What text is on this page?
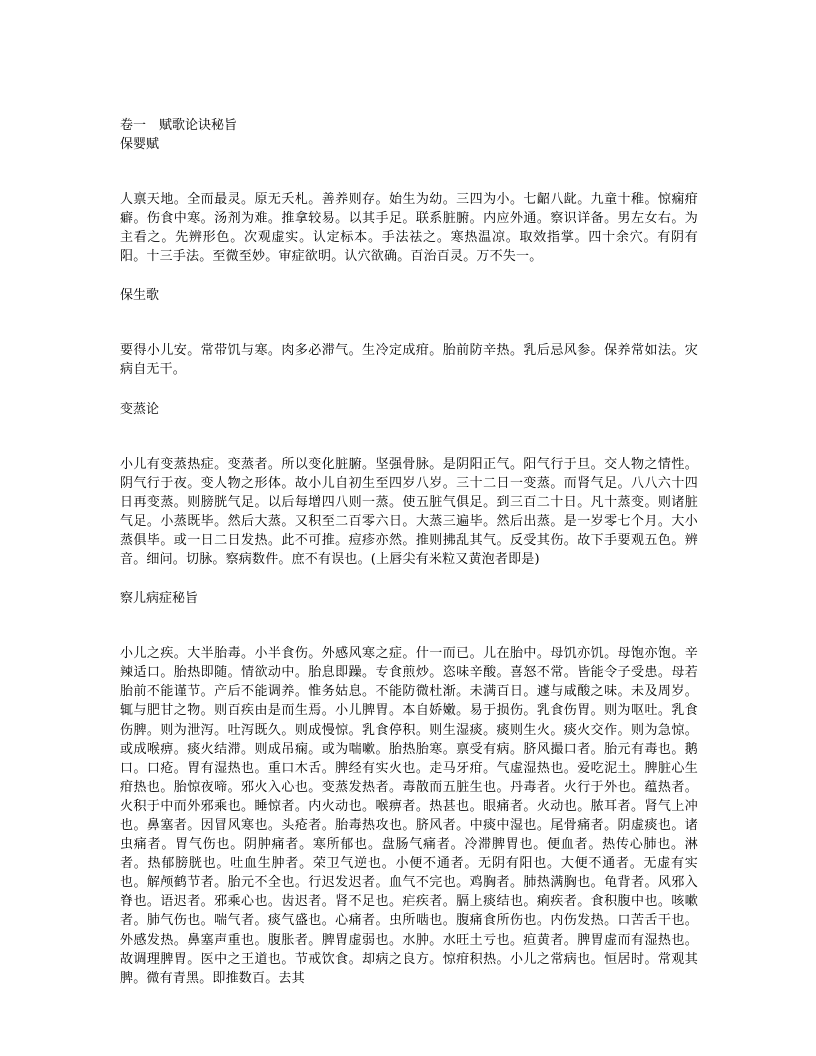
卷一　赋歌论诀秘旨

保婴赋

人禀天地。全而最灵。原无夭札。善养则存。始生为幼。三四为小。七齠八龀。九童十稚。惊痫疳癖。伤食中寒。汤剂为难。推拿较易。以其手足。联系脏腑。内应外通。察识详备。男左女右。为主看之。先辨形色。次观虚实。认定标本。手法祛之。寒热温凉。取效指掌。四十余穴。有阴有阳。十三手法。至微至妙。审症欲明。认穴欲确。百治百灵。万不失一。

保生歌

要得小儿安。常带饥与寒。肉多必滞气。生冷定成疳。胎前防辛热。乳后忌风参。保养常如法。灾病自无干。

变蒸论

小儿有变蒸热症。变蒸者。所以变化脏腑。坚强骨脉。是阴阳正气。阳气行于旦。交人物之情性。阴气行于夜。变人物之形体。故小儿自初生至四岁八岁。三十二日一变蒸。而肾气足。八八六十四日再变蒸。则膀胱气足。以后每增四八则一蒸。使五脏气俱足。到三百二十日。凡十蒸变。则诸脏气足。小蒸既毕。然后大蒸。又积至二百零六日。大蒸三遍毕。然后出蒸。是一岁零七个月。大小蒸俱毕。或一日二日发热。此不可推。痘疹亦然。推则拂乱其气。反受其伤。故下手要观五色。辨音。细问。切脉。察病数件。庶不有误也。(上唇尖有米粒又黄泡者即是)

察儿病症秘旨

小儿之疾。大半胎毒。小半食伤。外感风寒之症。什一而已。儿在胎中。母饥亦饥。母饱亦饱。辛辣适口。胎热即随。情欲动中。胎息即躁。专食煎炒。恣味辛酸。喜怒不常。皆能令子受患。母若胎前不能谨节。产后不能调养。惟务姑息。不能防微杜渐。未满百日。遽与咸酸之味。未及周岁。辄与肥甘之物。则百疾由是而生焉。小儿脾胃。本自娇嫩。易于损伤。乳食伤胃。则为呕吐。乳食伤脾。则为泄泻。吐泻既久。则成慢惊。乳食停积。则生湿痰。痰则生火。痰火交作。则为急惊。或成喉痹。痰火结滞。则成吊痫。或为喘嗽。胎热胎寒。禀受有病。脐风撮口者。胎元有毒也。鹅口。口疮。胃有湿热也。重口木舌。脾经有实火也。走马牙疳。气虚湿热也。爱吃泥土。脾脏心生疳热也。胎惊夜啼。邪火入心也。变蒸发热者。毒散而五脏生也。丹毒者。火行于外也。蕴热者。火积于中而外邪乘也。睡惊者。内火动也。喉痹者。热甚也。眼痛者。火动也。脓耳者。肾气上冲也。鼻塞者。因冒风寒也。头疮者。胎毒热攻也。脐风者。中痰中湿也。尾骨痛者。阴虚痰也。诸虫痛者。胃气伤也。阴肿痛者。寒所郁也。盘肠气痛者。冷滞脾胃也。便血者。热传心肺也。淋　者。热郁膀胱也。吐血生肿者。荣卫气逆也。小便不通者。无阴有阳也。大便不通者。无虚有实也。解颅鹤节者。胎元不全也。行迟发迟者。血气不完也。鸡胸者。肺热满胸也。龟背者。风邪入脊也。语迟者。邪乘心也。齿迟者。肾不足也。疟疾者。膈上痰结也。痢疾者。食积腹中也。咳嗽者。肺气伤也。喘气者。痰气盛也。心痛者。虫所啮也。腹痛食所伤也。内伤发热。口苦舌干也。外感发热。鼻塞声重也。腹胀者。脾胃虚弱也。水肿。水旺土亏也。疸黄者。脾胃虚而有湿热也。故调理脾胃。医中之王道也。节戒饮食。却病之良方。惊疳积热。小儿之常病也。恒居时。常观其脾。微有青黑。即推数百。去其
